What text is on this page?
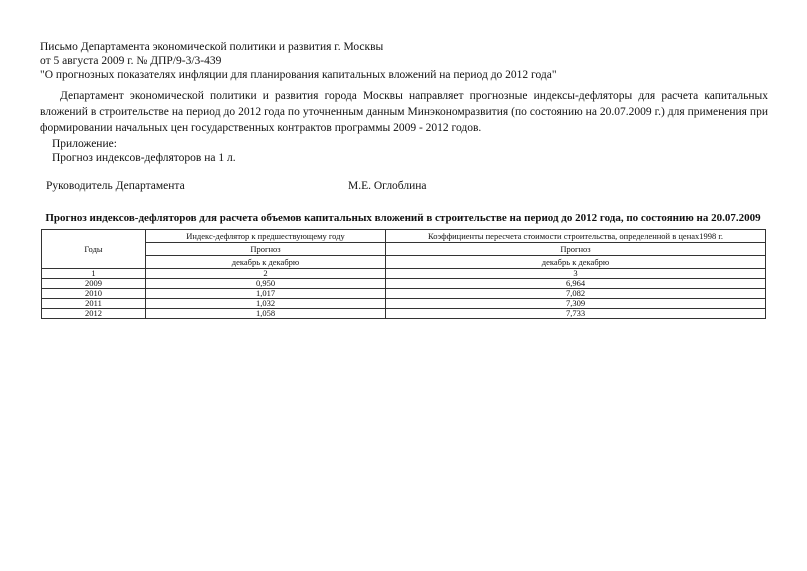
Письмо Департамента экономической политики и развития г. Москвы
от 5 августа 2009 г. № ДПР/9-3/3-439
"О прогнозных показателях инфляции для планирования капитальных вложений на период до 2012 года"
Департамент экономической политики и развития города Москвы направляет прогнозные индексы-дефляторы для расчета капитальных вложений в строительстве на период до 2012 года по уточненным данным Минэкономразвития (по состоянию на 20.07.2009 г.) для применения при формировании начальных цен государственных контрактов программы 2009 - 2012 годов.
Приложение:
Прогноз индексов-дефляторов на 1 л.
Руководитель Департамента	М.Е. Оглоблина
Прогноз индексов-дефляторов для расчета объемов капитальных вложений в строительстве на период до 2012 года, по состоянию на 20.07.2009
Годы	Индекс-дефлятор к предшествующему году	Коэффициенты пересчета стоимости строительства, определенной в ценах1998 г.
	Прогноз	Прогноз
	декабрь к декабрю	декабрь к декабрю
1	2	3
2009	0,950	6,964
2010	1,017	7,082
2011	1,032	7,309
2012	1,058	7,733
